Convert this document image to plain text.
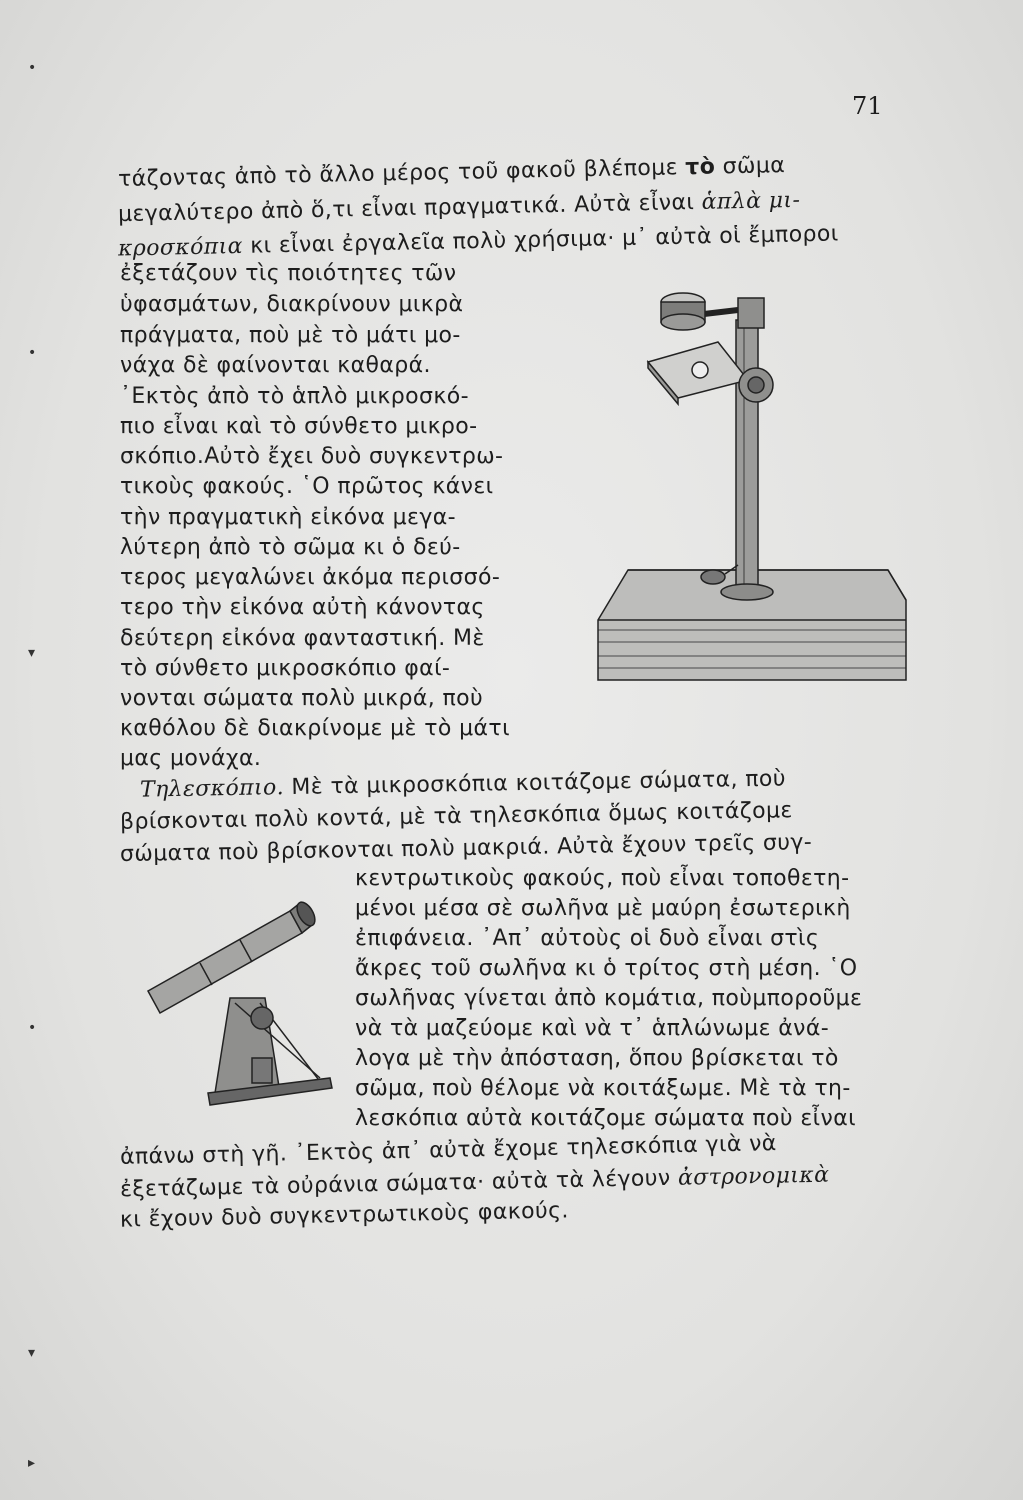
•
•
▾
•
▾
▸
71
τάζοντας ἀπὸ τὸ ἄλλο μέρος τοῦ φακοῦ βλέπομε τὸ σῶμα
μεγαλύτερο ἀπὸ ὅ,τι εἶναι πραγματικά. Αὐτὰ εἶναι ἁπλὰ μι-
κροσκόπια κι εἶναι ἐργαλεῖα πολὺ χρήσιμα· μ᾿ αὐτὰ οἱ ἔμποροι
ἐξετάζουν τὶς ποιότητες τῶν
ὑφασμάτων, διακρίνουν μικρὰ
πράγματα, ποὺ μὲ τὸ μάτι μο-
νάχα δὲ φαίνονται καθαρά.
᾿Εκτὸς ἀπὸ τὸ ἁπλὸ μικροσκό-
πιο εἶναι καὶ τὸ σύνθετο μικρο-
σκόπιο.Αὐτὸ ἔχει δυὸ συγκεντρω-
τικοὺς φακούς. ῾Ο πρῶτος κάνει
τὴν πραγματικὴ εἰκόνα μεγα-
λύτερη ἀπὸ τὸ σῶμα κι ὁ δεύ-
τερος μεγαλώνει ἀκόμα περισσό-
τερο τὴν εἰκόνα αὐτὴ κάνοντας
δεύτερη εἰκόνα φανταστική. Μὲ
τὸ σύνθετο μικροσκόπιο φαί-
νονται σώματα πολὺ μικρά, ποὺ
καθόλου δὲ διακρίνομε μὲ τὸ μάτι
μας μονάχα.
Τηλεσκόπιο. Μὲ τὰ μικροσκόπια κοιτάζομε σώματα, ποὺ
βρίσκονται πολὺ κοντά, μὲ τὰ τηλεσκόπια ὅμως κοιτάζομε
σώματα ποὺ βρίσκονται πολὺ μακριά. Αὐτὰ ἔχουν τρεῖς συγ-
κεντρωτικοὺς φακούς, ποὺ εἶναι τοποθετη-
μένοι μέσα σὲ σωλῆνα μὲ μαύρη ἐσωτερικὴ
ἐπιφάνεια. ᾿Απ᾿ αὐτοὺς οἱ δυὸ εἶναι στὶς
ἄκρες τοῦ σωλῆνα κι ὁ τρίτος στὴ μέση. ῾Ο
σωλῆνας γίνεται ἀπὸ κομάτια, ποὺμποροῦμε
νὰ τὰ μαζεύομε καὶ νὰ τ᾿ ἁπλώνωμε ἀνά-
λογα μὲ τὴν ἀπόσταση, ὅπου βρίσκεται τὸ
σῶμα, ποὺ θέλομε νὰ κοιτάξωμε. Μὲ τὰ τη-
λεσκόπια αὐτὰ κοιτάζομε σώματα ποὺ εἶναι
ἀπάνω στὴ γῆ. ᾿Εκτὸς ἀπ᾿ αὐτὰ ἔχομε τηλεσκόπια γιὰ νὰ
ἐξετάζωμε τὰ οὐράνια σώματα· αὐτὰ τὰ λέγουν ἀστρονομικὰ
κι ἔχουν δυὸ συγκεντρωτικοὺς φακούς.
